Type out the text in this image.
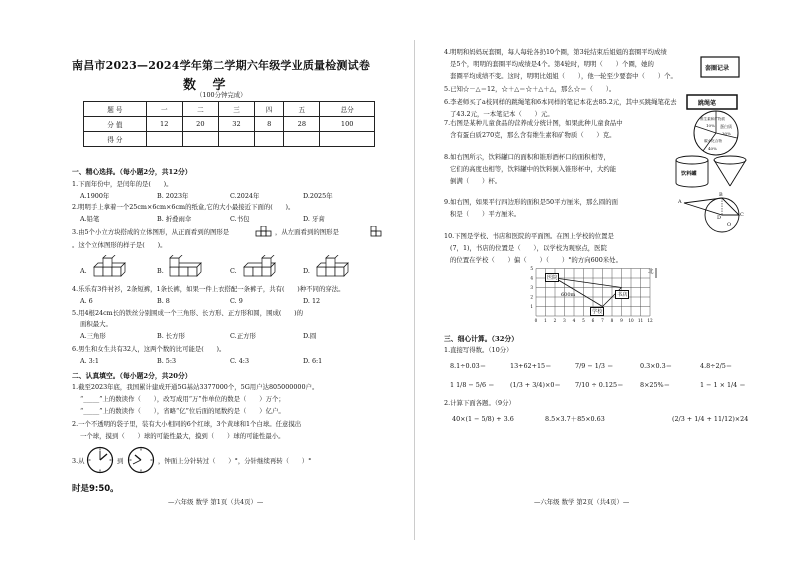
南昌市2023—2024学年第二学期六年级学业质量检测试卷
数 学
（100分钟完成）
题 号	一	二	三	四	五	总分
分 值	12	20	32	8	28	100
得 分						
一、精心选择。（每小题2分，共12分）
1.下面年份中，是闰年的是(　　)。
A.1900年	B. 2023年	C.2024年	D.2025年
2.明明手上拿着一个25cm×6cm×6cm的纸盒,它的大小最接近下面的(　　)。
A.铅笔	B. 折叠雨伞	C.书包	D. 牙膏
3.由5个小立方块搭成的立体图形，从正面看到的图形是	，从左面看到的图形是
。这个立体图形的样子是(　　)。
A.	B.	C.	D.
4.乐乐有3件衬衫，2条短裤，1条长裤，如果一件上衣搭配一条裤子，共有(　　)种不同的穿法。
A. 6	B. 8	C. 9	D. 12
5.用4根24cm长的铁丝分别围成一个三角形、长方形、正方形和圆，围成(　　)的
面积最大。
A.三角形	B. 长方形	C.正方形	D.圆
6.男生和女生共有32人，这两个数的比可能是(　　)。
A. 3:1	B. 5:3	C. 4:3	D. 6:1
二、认真填空。（每小题2分，共20分）
1.截至2023年底，我国累计建成开通5G基站3377000个，5G用户达805000000户。
“_____”上的数读作（　　），改写成用“万”作单位的数是（　　）万个；
“_____”上的数读作（　　），省略“亿”位后面的尾数约是（　　）亿户。
2.一个不透明的袋子里，装有大小相同的6个红球，3个黄球和1个白球。任意摸出
一个球，摸到（　　）球的可能性最大，摸到（　　）球的可能性最小。
3.从	到	，钟面上分针转过（　　）°，分针继续再转（　　）°
时是9:50。
—六年级 数学 第1页（共4页）—
4.明明和妈妈玩套圈，每人每轮各扔10个圈，第3轮结束后姐姐的套圈平均成绩
是5个，明明的套圈平均成绩是4个。第4轮时，明明（　　）个圈，她的
套圈平均成绩不变。这时，明明比姐姐（　　），他一轮至少要套中（　　）个。
套圈记录
5.已知☆－△＝12，☆＋△＝☆＋△＋△，那么☆＝（　　）。
6.李老师买了a枝同样的跳绳笔和6本同样的笔记本花去85.2元，其中买跳绳笔花去
了43.2元，一本笔记本（　　）元。
跳绳笔
7.右图是某种儿童食品的营养成分统计图，如果此种儿童食品中
含有蛋白质270克，那么含有维生素和矿物质（　　）克。
维生素和矿物质
蛋白质
碳水化合物
10%
30%
40%
8.如右图所示，饮料罐口的面积和锥形酒杯口的面积相等，
它们的高度也相等，饮料罐中的饮料倒入锥形杯中，大约能
倒满（　　）杯。
饮料罐
9.如右图，如果平行四边形的面积是50平方厘米，那么圆的面
积是（　　）平方厘米。
A
B
C
D
O
10.下图是学校、书店和医院的平面图。在图上学校的位置是
(7，1)，书店的位置是（　　），以学校为观察点，医院
的位置在学校（　　）偏（　　）（　　）°的方向600米处。
0 1 2 3 4 5 6 7 8 9 10 11 12
1
2
3
4
5
北
医院
书店
学校
600m
三、细心计算。（32分）
1.直接写得数。（10分）
8.1÷0.03＝	13+62+15＝	7/9 − 1/3 ＝	0.3×0.3＝	4.8÷2/5＝
1 1/8 − 5/6 ＝ (1/3 + 3/4)×0＝ 7/10 ÷ 0.125＝	8×25%＝	1 − 1 × 1/4 ＝
2.计算下面各题。（9分）
40×(1 − 5/8) + 3.6	8.5×3.7＋85×0.63	(2/3 + 1/4 + 11/12)×24
—六年级 数学 第2页（共4页）—
